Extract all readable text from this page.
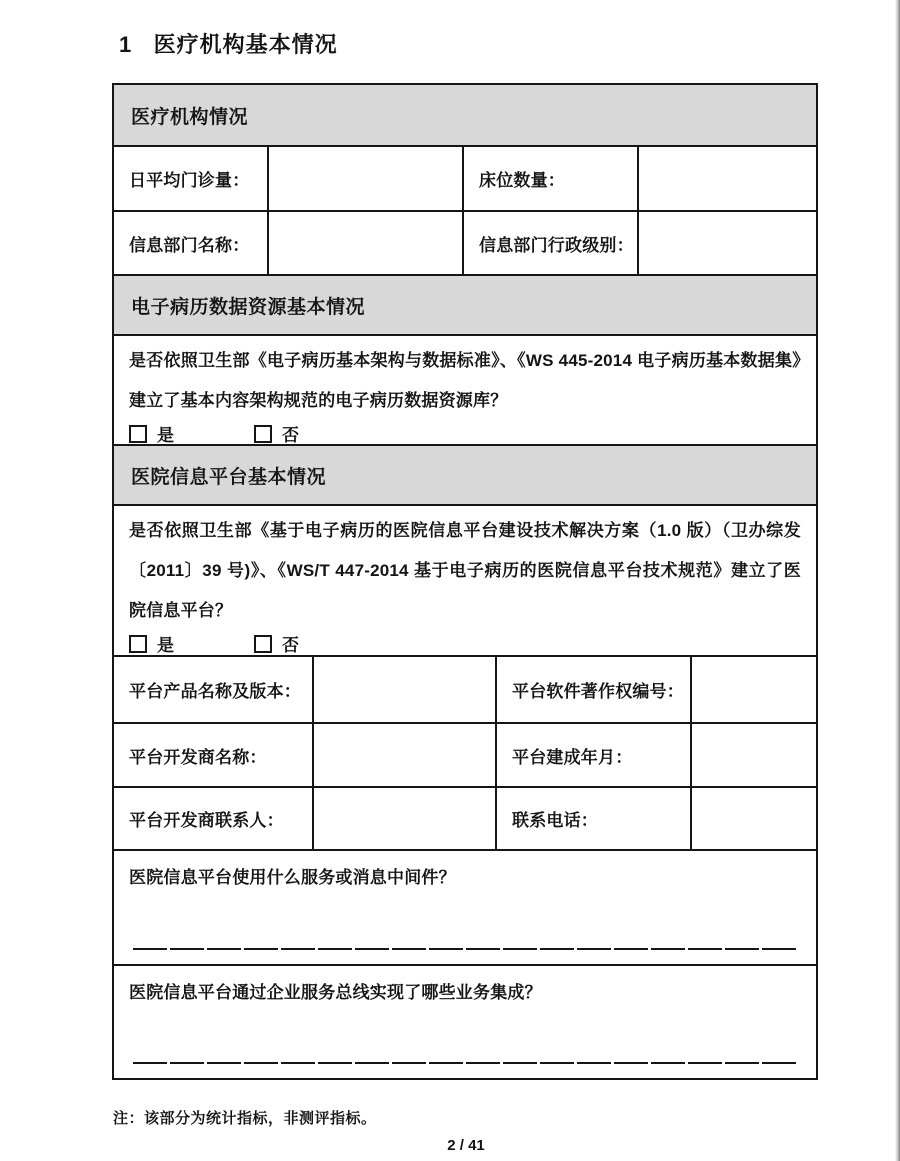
1   医疗机构基本情况
医疗机构情况
日平均门诊量：	床位数量：
信息部门名称：	信息部门行政级别：
电子病历数据资源基本情况
是否依照卫生部《电子病历基本架构与数据标准》、《WS 445-2014 电子病历基本数据集》建立了基本内容架构规范的电子病历数据资源库？
是	否
医院信息平台基本情况
是否依照卫生部《基于电子病历的医院信息平台建设技术解决方案（1.0 版）（卫办综发〔2011〕39 号)》、《WS/T 447-2014 基于电子病历的医院信息平台技术规范》建立了医院信息平台？
是	否
平台产品名称及版本：	平台软件著作权编号：
平台开发商名称：	平台建成年月：
平台开发商联系人：	联系电话：
医院信息平台使用什么服务或消息中间件？
医院信息平台通过企业服务总线实现了哪些业务集成？
注：该部分为统计指标，非测评指标。
2 / 41
